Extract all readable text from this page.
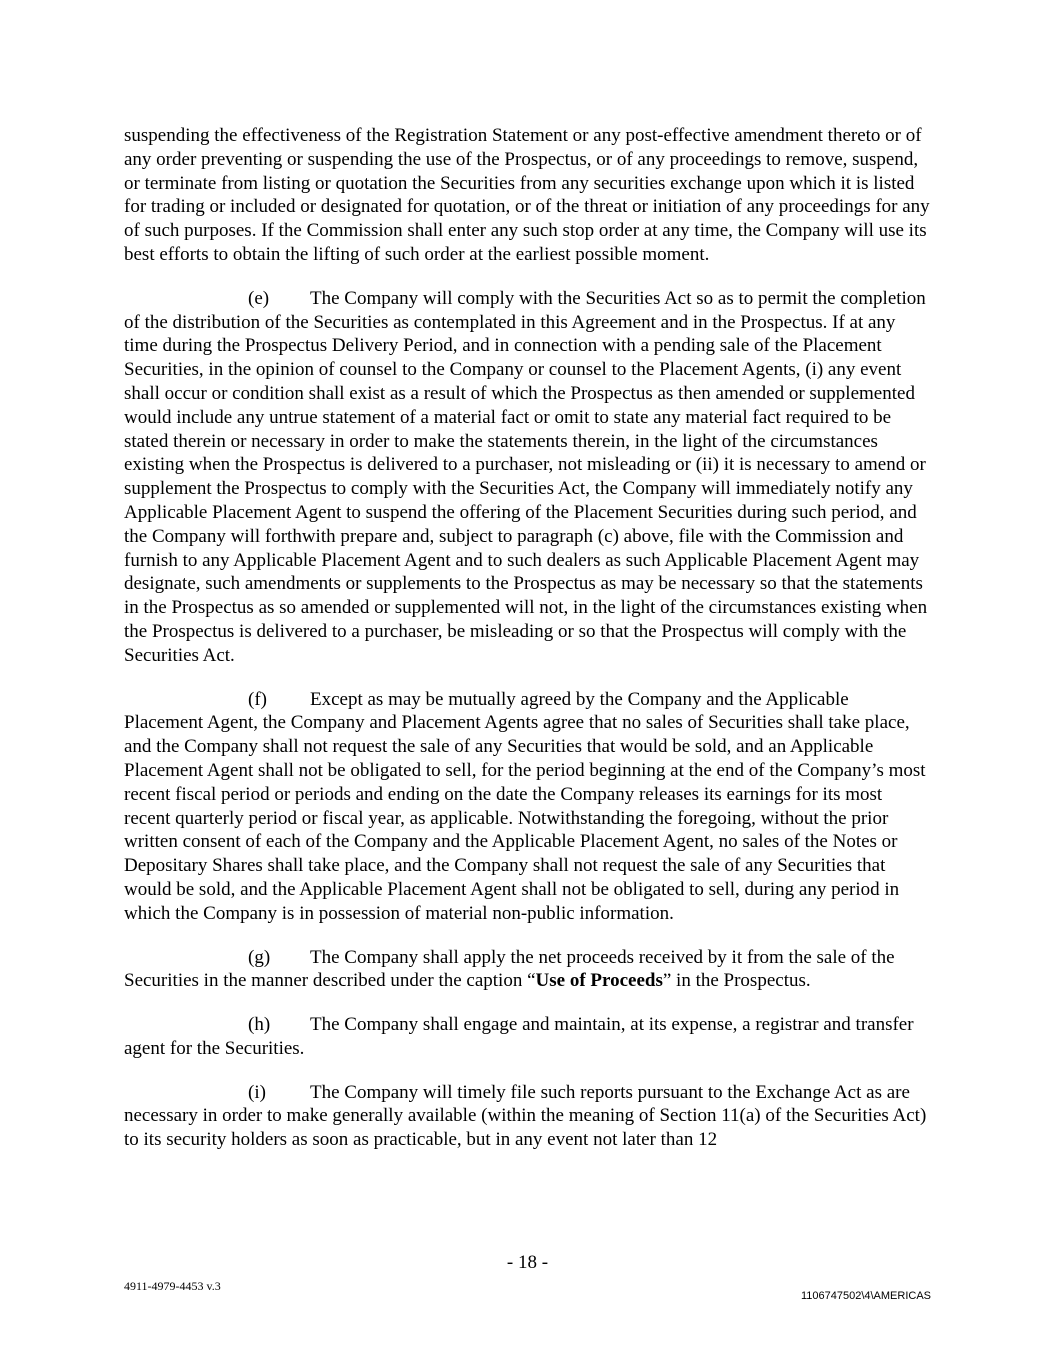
suspending the effectiveness of the Registration Statement or any post-effective amendment thereto or of any order preventing or suspending the use of the Prospectus, or of any proceedings to remove, suspend, or terminate from listing or quotation the Securities from any securities exchange upon which it is listed for trading or included or designated for quotation, or of the threat or initiation of any proceedings for any of such purposes. If the Commission shall enter any such stop order at any time, the Company will use its best efforts to obtain the lifting of such order at the earliest possible moment.

(e) The Company will comply with the Securities Act so as to permit the completion of the distribution of the Securities as contemplated in this Agreement and in the Prospectus. If at any time during the Prospectus Delivery Period, and in connection with a pending sale of the Placement Securities, in the opinion of counsel to the Company or counsel to the Placement Agents, (i) any event shall occur or condition shall exist as a result of which the Prospectus as then amended or supplemented would include any untrue statement of a material fact or omit to state any material fact required to be stated therein or necessary in order to make the statements therein, in the light of the circumstances existing when the Prospectus is delivered to a purchaser, not misleading or (ii) it is necessary to amend or supplement the Prospectus to comply with the Securities Act, the Company will immediately notify any Applicable Placement Agent to suspend the offering of the Placement Securities during such period, and the Company will forthwith prepare and, subject to paragraph (c) above, file with the Commission and furnish to any Applicable Placement Agent and to such dealers as such Applicable Placement Agent may designate, such amendments or supplements to the Prospectus as may be necessary so that the statements in the Prospectus as so amended or supplemented will not, in the light of the circumstances existing when the Prospectus is delivered to a purchaser, be misleading or so that the Prospectus will comply with the Securities Act.

(f) Except as may be mutually agreed by the Company and the Applicable Placement Agent, the Company and Placement Agents agree that no sales of Securities shall take place, and the Company shall not request the sale of any Securities that would be sold, and an Applicable Placement Agent shall not be obligated to sell, for the period beginning at the end of the Company’s most recent fiscal period or periods and ending on the date the Company releases its earnings for its most recent quarterly period or fiscal year, as applicable. Notwithstanding the foregoing, without the prior written consent of each of the Company and the Applicable Placement Agent, no sales of the Notes or Depositary Shares shall take place, and the Company shall not request the sale of any Securities that would be sold, and the Applicable Placement Agent shall not be obligated to sell, during any period in which the Company is in possession of material non-public information.

(g) The Company shall apply the net proceeds received by it from the sale of the Securities in the manner described under the caption “Use of Proceeds” in the Prospectus.

(h) The Company shall engage and maintain, at its expense, a registrar and transfer agent for the Securities.

(i) The Company will timely file such reports pursuant to the Exchange Act as are necessary in order to make generally available (within the meaning of Section 11(a) of the Securities Act) to its security holders as soon as practicable, but in any event not later than 12

- 18 -
4911-4979-4453 v.3
1106747502\4\AMERICAS
